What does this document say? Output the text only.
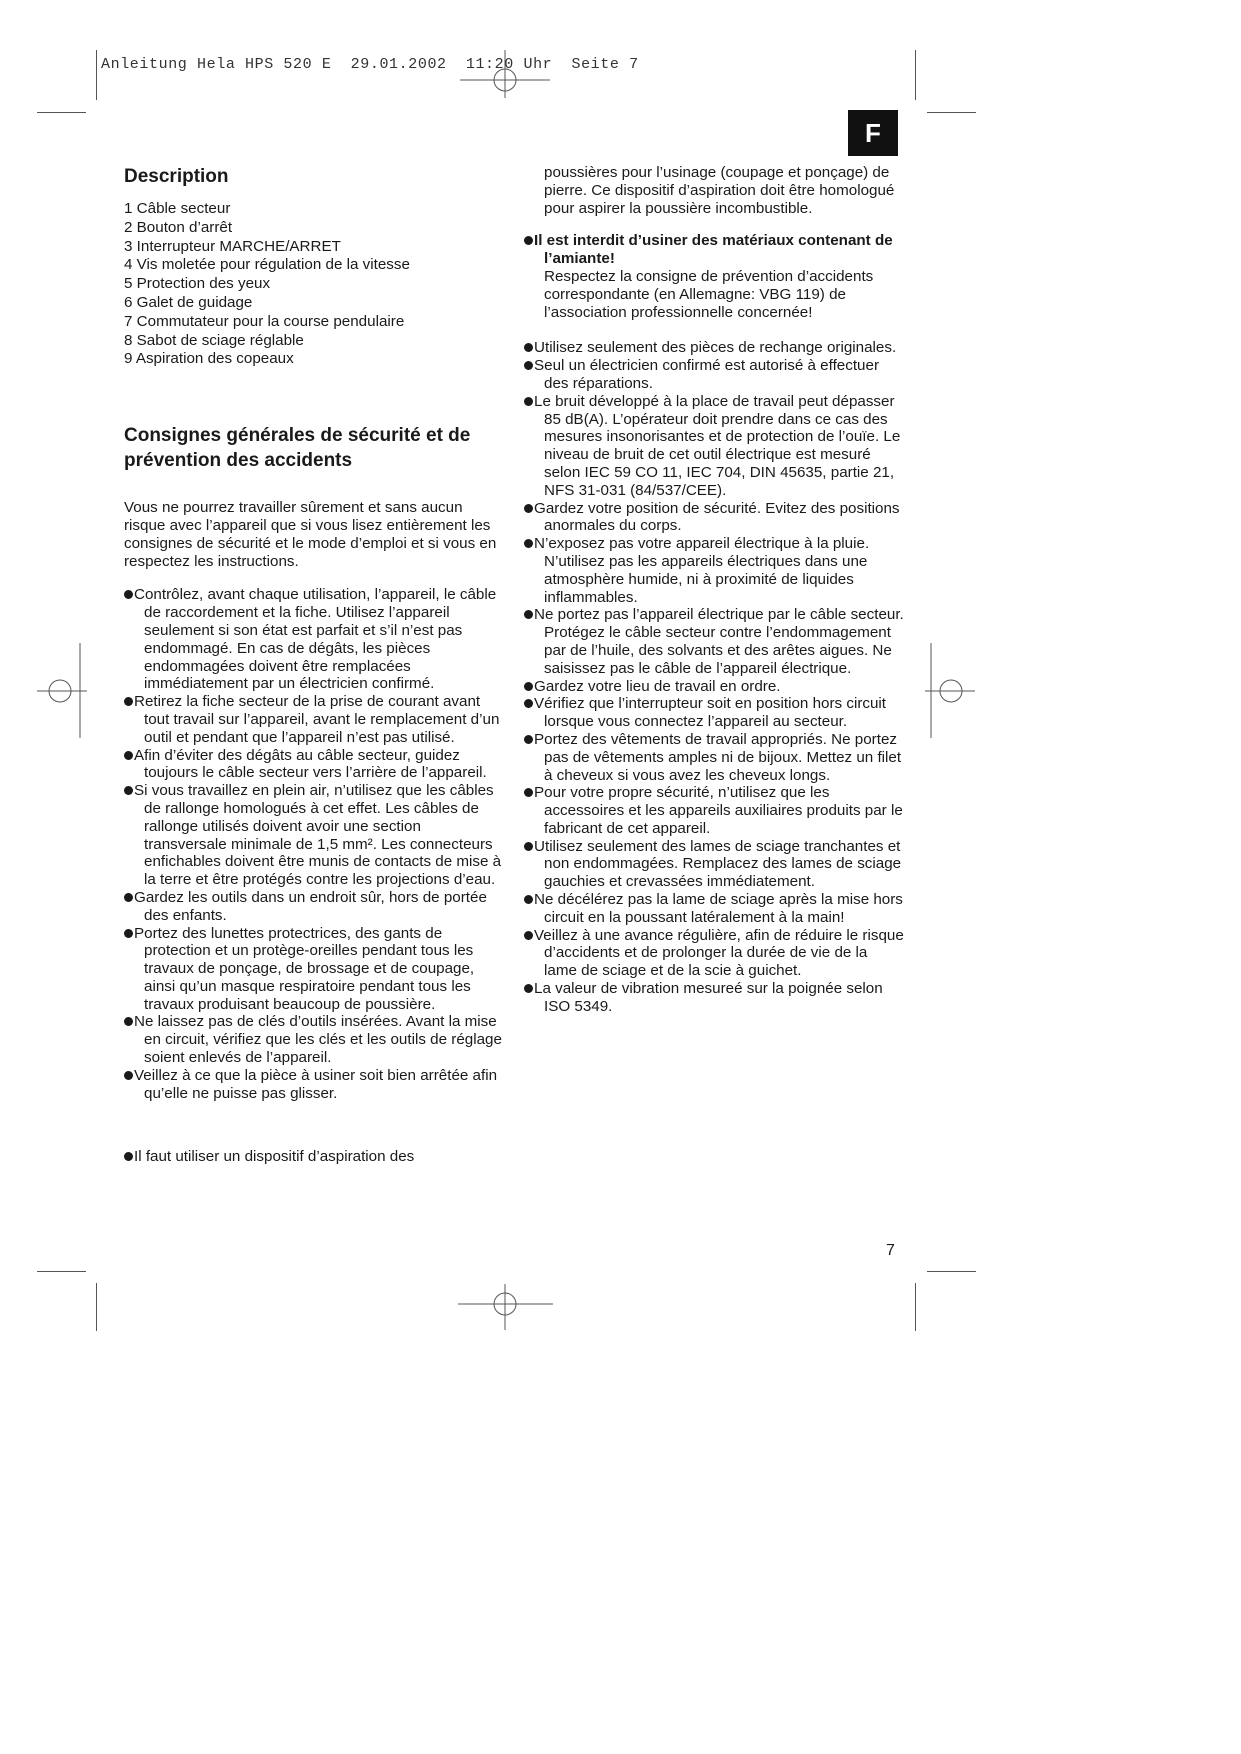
Anleitung Hela HPS 520 E  29.01.2002  11:20 Uhr  Seite 7
F
Description
1 Câble secteur
2 Bouton d’arrêt
3 Interrupteur MARCHE/ARRET
4 Vis moletée pour régulation de la vitesse
5 Protection des yeux
6 Galet de guidage
7 Commutateur pour la course pendulaire
8 Sabot de sciage réglable
9 Aspiration des copeaux
Consignes générales de sécurité et de prévention des accidents

Vous ne pourrez travailler sûrement et sans aucun risque avec l’appareil que si vous lisez entièrement les consignes de sécurité et le mode d’emploi et si vous en respectez les instructions.

Contrôlez, avant chaque utilisation, l’appareil, le câble de raccordement et la fiche. Utilisez l’appareil seulement si son état est parfait et s’il n’est pas endommagé. En cas de dégâts, les pièces endommagées doivent être remplacées immédiatement par un électricien confirmé.
Retirez la fiche secteur de la prise de courant avant tout travail sur l’appareil, avant le remplacement d’un outil et pendant que l’appareil n’est pas utilisé.
Afin d’éviter des dégâts au câble secteur, guidez toujours le câble secteur vers l’arrière de l’appareil.
Si vous travaillez en plein air, n’utilisez que les câbles de rallonge homologués à cet effet. Les câbles de rallonge utilisés doivent avoir une section transversale minimale de 1,5 mm². Les connecteurs enfichables doivent être munis de contacts de mise à la terre et être protégés contre les projections d’eau.
Gardez les outils dans un endroit sûr, hors de portée des enfants.
Portez des lunettes protectrices, des gants de protection et un protège-oreilles pendant tous les travaux de ponçage, de brossage et de coupage, ainsi qu’un masque respiratoire pendant tous les travaux produisant beaucoup de poussière.
Ne laissez pas de clés d’outils insérées. Avant la mise en circuit, vérifiez que les clés et les outils de réglage soient enlevés de l’appareil.
Veillez à ce que la pièce à usiner soit bien arrêtée afin qu’elle ne puisse pas glisser.
Il faut utiliser un dispositif d’aspiration des

poussières pour l’usinage (coupage et ponçage) de pierre. Ce dispositif d’aspiration doit être homologué pour aspirer la poussière incombustible.

Il est interdit d’usiner des matériaux contenant de l’amiante!

Respectez la consigne de prévention d’accidents correspondante (en Allemagne: VBG 119) de l’association professionnelle concernée!

Utilisez seulement des pièces de rechange originales.
Seul un électricien confirmé est autorisé à effectuer des réparations.
Le bruit développé à la place de travail peut dépasser 85 dB(A). L’opérateur doit prendre dans ce cas des mesures insonorisantes et de protection de l’ouïe. Le niveau de bruit de cet outil électrique est mesuré selon IEC 59 CO 11, IEC 704, DIN 45635, partie 21, NFS 31-031 (84/537/CEE).
Gardez votre position de sécurité. Evitez des positions anormales du corps.
N’exposez pas votre appareil électrique à la pluie. N’utilisez pas les appareils électriques dans une atmosphère humide, ni à proximité de liquides inflammables.
Ne portez pas l’appareil électrique par le câble secteur. Protégez le câble secteur contre l’endommagement par de l’huile, des solvants et des arêtes aigues. Ne saisissez pas le câble de l’appareil électrique.
Gardez votre lieu de travail en ordre.
Vérifiez que l’interrupteur soit en position hors circuit lorsque vous connectez l’appareil au secteur.
Portez des vêtements de travail appropriés. Ne portez pas de vêtements amples ni de bijoux. Mettez un filet à cheveux si vous avez les cheveux longs.
Pour votre propre sécurité, n’utilisez que les accessoires et les appareils auxiliaires produits par le fabricant de cet appareil.
Utilisez seulement des lames de sciage tranchantes et non endommagées. Remplacez des lames de sciage gauchies et crevassées immédiatement.
Ne décélérez pas la lame de sciage après la mise hors circuit en la poussant latéralement à la main!
Veillez à une avance régulière, afin de réduire le risque d’accidents et de prolonger la durée de vie de la lame de sciage et de la scie à guichet.
La valeur de vibration mesureé sur la poignée selon ISO 5349.
7
